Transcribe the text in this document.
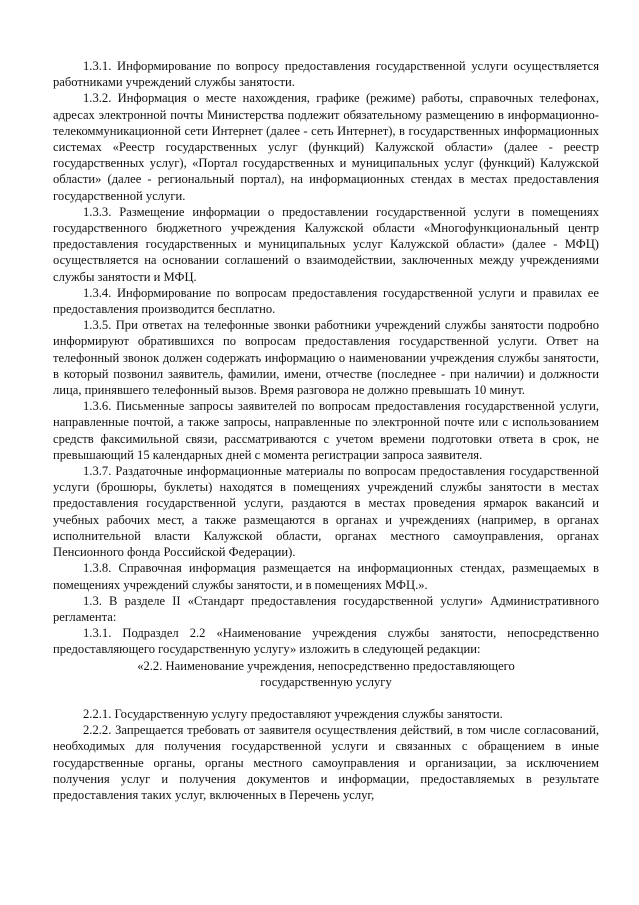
1.3.1. Информирование по вопросу предоставления государственной услуги осуществляется работниками учреждений службы занятости.

1.3.2. Информация о месте нахождения, графике (режиме) работы, справочных телефонах, адресах электронной почты Министерства подлежит обязательному размещению в информационно-телекоммуникационной сети Интернет (далее - сеть Интернет), в государственных информационных системах «Реестр государственных услуг (функций) Калужской области» (далее - реестр государственных услуг), «Портал государственных и муниципальных услуг (функций) Калужской области» (далее - региональный портал), на информационных стендах в местах предоставления государственной услуги.

1.3.3. Размещение информации о предоставлении государственной услуги в помещениях государственного бюджетного учреждения Калужской области «Многофункциональный центр предоставления государственных и муниципальных услуг Калужской области» (далее - МФЦ) осуществляется на основании соглашений о взаимодействии, заключенных между учреждениями службы занятости и МФЦ.

1.3.4. Информирование по вопросам предоставления государственной услуги и правилах ее предоставления производится бесплатно.

1.3.5. При ответах на телефонные звонки работники учреждений службы занятости подробно информируют обратившихся по вопросам предоставления государственной услуги. Ответ на телефонный звонок должен содержать информацию о наименовании учреждения службы занятости, в который позвонил заявитель, фамилии, имени, отчестве (последнее - при наличии) и должности лица, принявшего телефонный вызов. Время разговора не должно превышать 10 минут.

1.3.6. Письменные запросы заявителей по вопросам предоставления государственной услуги, направленные почтой, а также запросы, направленные по электронной почте или с использованием средств факсимильной связи, рассматриваются с учетом времени подготовки ответа в срок, не превышающий 15 календарных дней с момента регистрации запроса заявителя.

1.3.7. Раздаточные информационные материалы по вопросам предоставления государственной услуги (брошюры, буклеты) находятся в помещениях учреждений службы занятости в местах предоставления государственной услуги, раздаются в местах проведения ярмарок вакансий и учебных рабочих мест, а также размещаются в органах и учреждениях (например, в органах исполнительной власти Калужской области, органах местного самоуправления, органах Пенсионного фонда Российской Федерации).

1.3.8. Справочная информация размещается на информационных стендах, размещаемых в помещениях учреждений службы занятости, и в помещениях МФЦ.».

1.3. В разделе II «Стандарт предоставления государственной услуги» Административного регламента:

1.3.1. Подраздел 2.2 «Наименование учреждения службы занятости, непосредственно предоставляющего государственную услугу» изложить в следующей редакции:

«2.2. Наименование учреждения, непосредственно предоставляющего

государственную услугу

2.2.1. Государственную услугу предоставляют учреждения службы занятости.

2.2.2. Запрещается требовать от заявителя осуществления действий, в том числе согласований, необходимых для получения государственной услуги и связанных с обращением в иные государственные органы, органы местного самоуправления и организации, за исключением получения услуг и получения документов и информации, предоставляемых в результате предоставления таких услуг, включенных в Перечень услуг,
